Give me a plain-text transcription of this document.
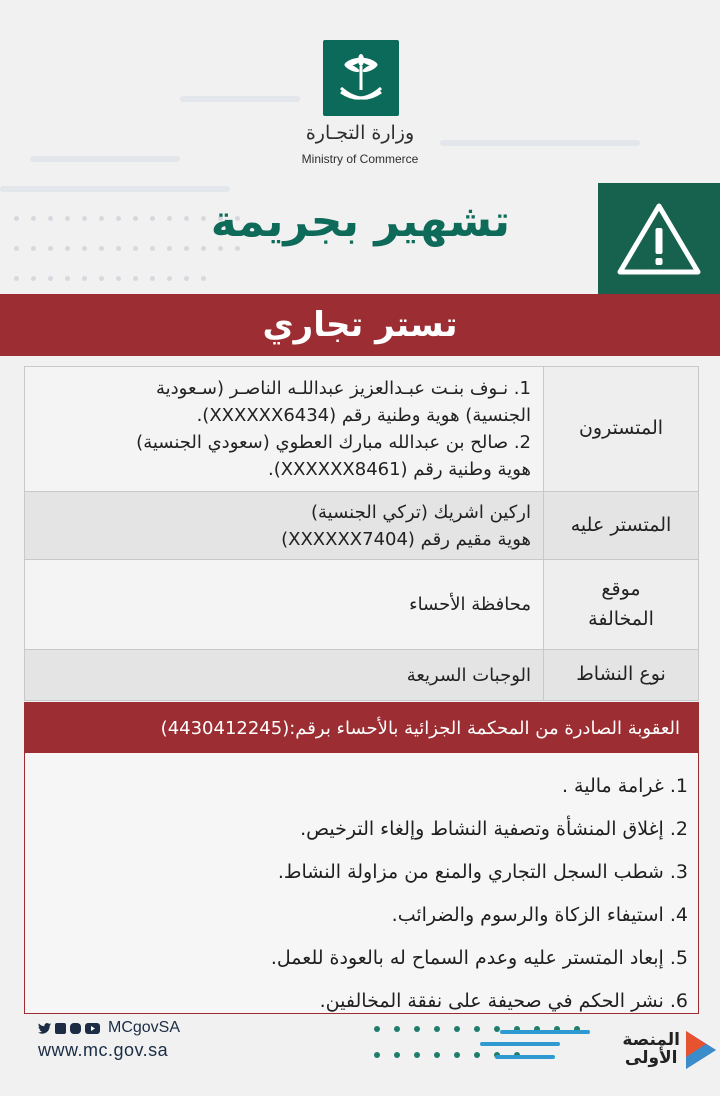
وزارة التجـارة
Ministry of Commerce
تشهير بجريمة
تستر تجاري
المتسترون
1. نـوف بنـت عبـدالعزيز عبداللـه الناصـر (سـعودية
الجنسية) هوية وطنية رقم (XXXXXX6434).
2. صالح بن عبدالله مبارك العطوي (سعودي الجنسية)
هوية وطنية رقم (XXXXXX8461).
المتستر عليه
اركين اشريك (تركي الجنسية)
هوية مقيم رقم (XXXXXX7404)
موقع
المخالفة
محافظة الأحساء
نوع النشاط
الوجبات السريعة
العقوبة الصادرة من المحكمة الجزائية بالأحساء برقم:(4430412245)
1. غرامة مالية .
2. إغلاق المنشأة وتصفية النشاط وإلغاء الترخيص.
3. شطب السجل التجاري والمنع من مزاولة النشاط.
4. استيفاء الزكاة والرسوم والضرائب.
5. إبعاد المتستر عليه وعدم السماح له بالعودة للعمل.
6. نشر الحكم في صحيفة على نفقة المخالفين.
MCgovSA
www.mc.gov.sa	المنصة
الأولى
